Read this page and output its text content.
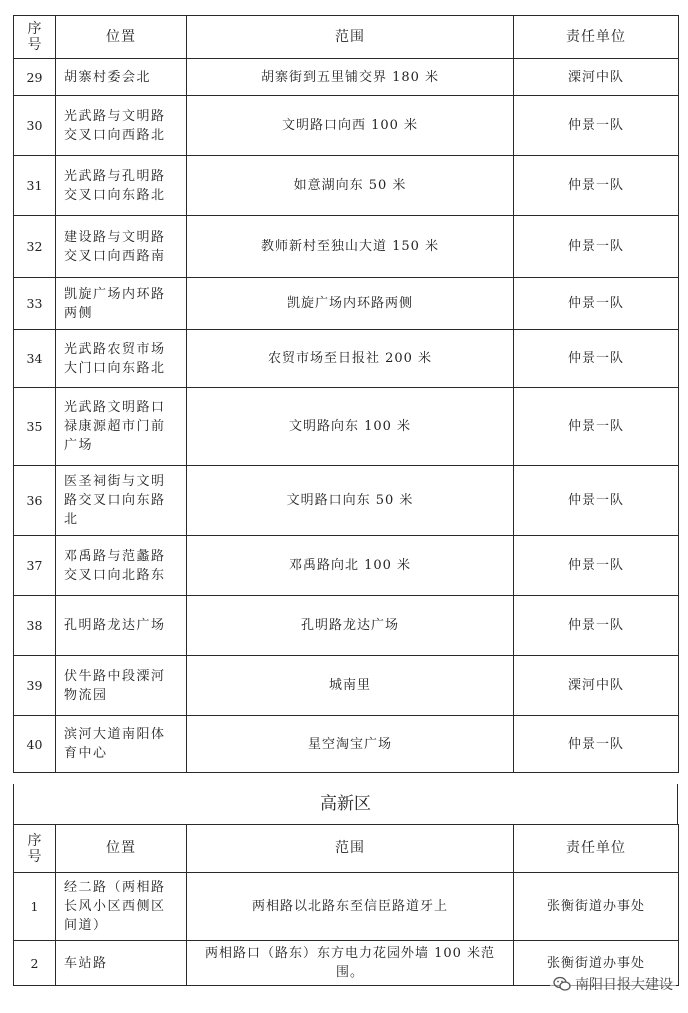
序
号	位置	范围	责任单位
29	胡寨村委会北	胡寨街到五里铺交界 180 米	溧河中队
30	光武路与文明路
交叉口向西路北	文明路口向西 100 米	仲景一队
31	光武路与孔明路
交叉口向东路北	如意湖向东 50 米	仲景一队
32	建设路与文明路
交叉口向西路南	教师新村至独山大道 150 米	仲景一队
33	凯旋广场内环路
两侧	凯旋广场内环路两侧	仲景一队
34	光武路农贸市场
大门口向东路北	农贸市场至日报社 200 米	仲景一队
35	光武路文明路口
禄康源超市门前
广场	文明路向东 100 米	仲景一队
36	医圣祠街与文明
路交叉口向东路
北	文明路口向东 50 米	仲景一队
37	邓禹路与范蠡路
交叉口向北路东	邓禹路向北 100 米	仲景一队
38	孔明路龙达广场	孔明路龙达广场	仲景一队
39	伏牛路中段溧河
物流园	城南里	溧河中队
40	滨河大道南阳体
育中心	星空淘宝广场	仲景一队
高新区
序
号	位置	范围	责任单位
1	经二路（两相路
长风小区西侧区
间道）	两相路以北路东至信臣路道牙上	张衡街道办事处
2	车站路	两相路口（路东）东方电力花园外墙 100 米范
围。	张衡街道办事处
南阳日报大建设
